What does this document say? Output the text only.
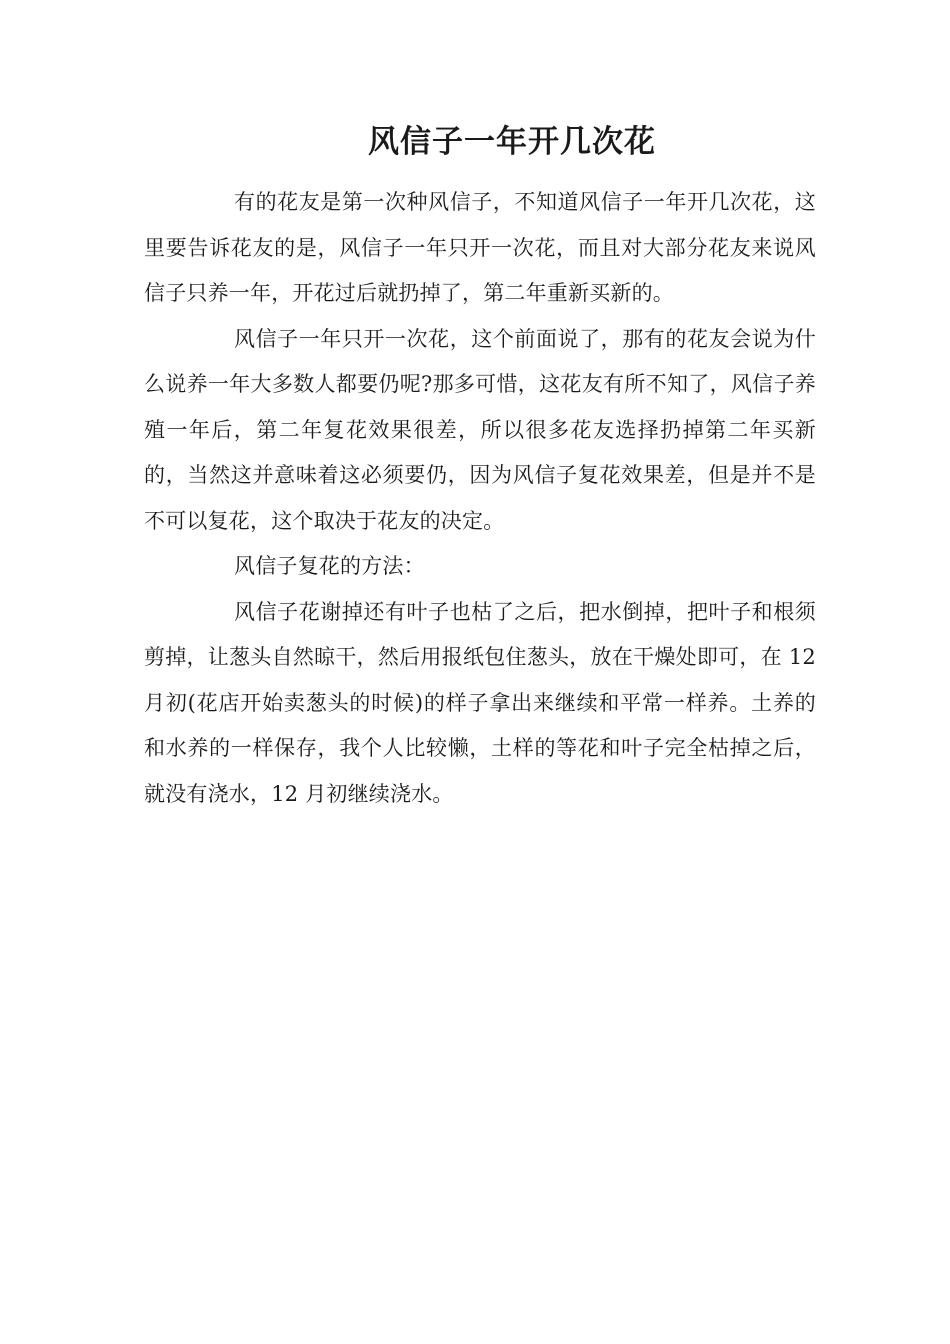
风信子一年开几次花

有的花友是第一次种风信子，不知道风信子一年开几次花，这里要告诉花友的是，风信子一年只开一次花，而且对大部分花友来说风信子只养一年，开花过后就扔掉了，第二年重新买新的。

风信子一年只开一次花，这个前面说了，那有的花友会说为什么说养一年大多数人都要仍呢?那多可惜，这花友有所不知了，风信子养殖一年后，第二年复花效果很差，所以很多花友选择扔掉第二年买新的，当然这并意味着这必须要仍，因为风信子复花效果差，但是并不是不可以复花，这个取决于花友的决定。

风信子复花的方法：

风信子花谢掉还有叶子也枯了之后，把水倒掉，把叶子和根须剪掉，让葱头自然晾干，然后用报纸包住葱头，放在干燥处即可，在 12 月初(花店开始卖葱头的时候)的样子拿出来继续和平常一样养。土养的和水养的一样保存，我个人比较懒，土样的等花和叶子完全枯掉之后，就没有浇水，12 月初继续浇水。
